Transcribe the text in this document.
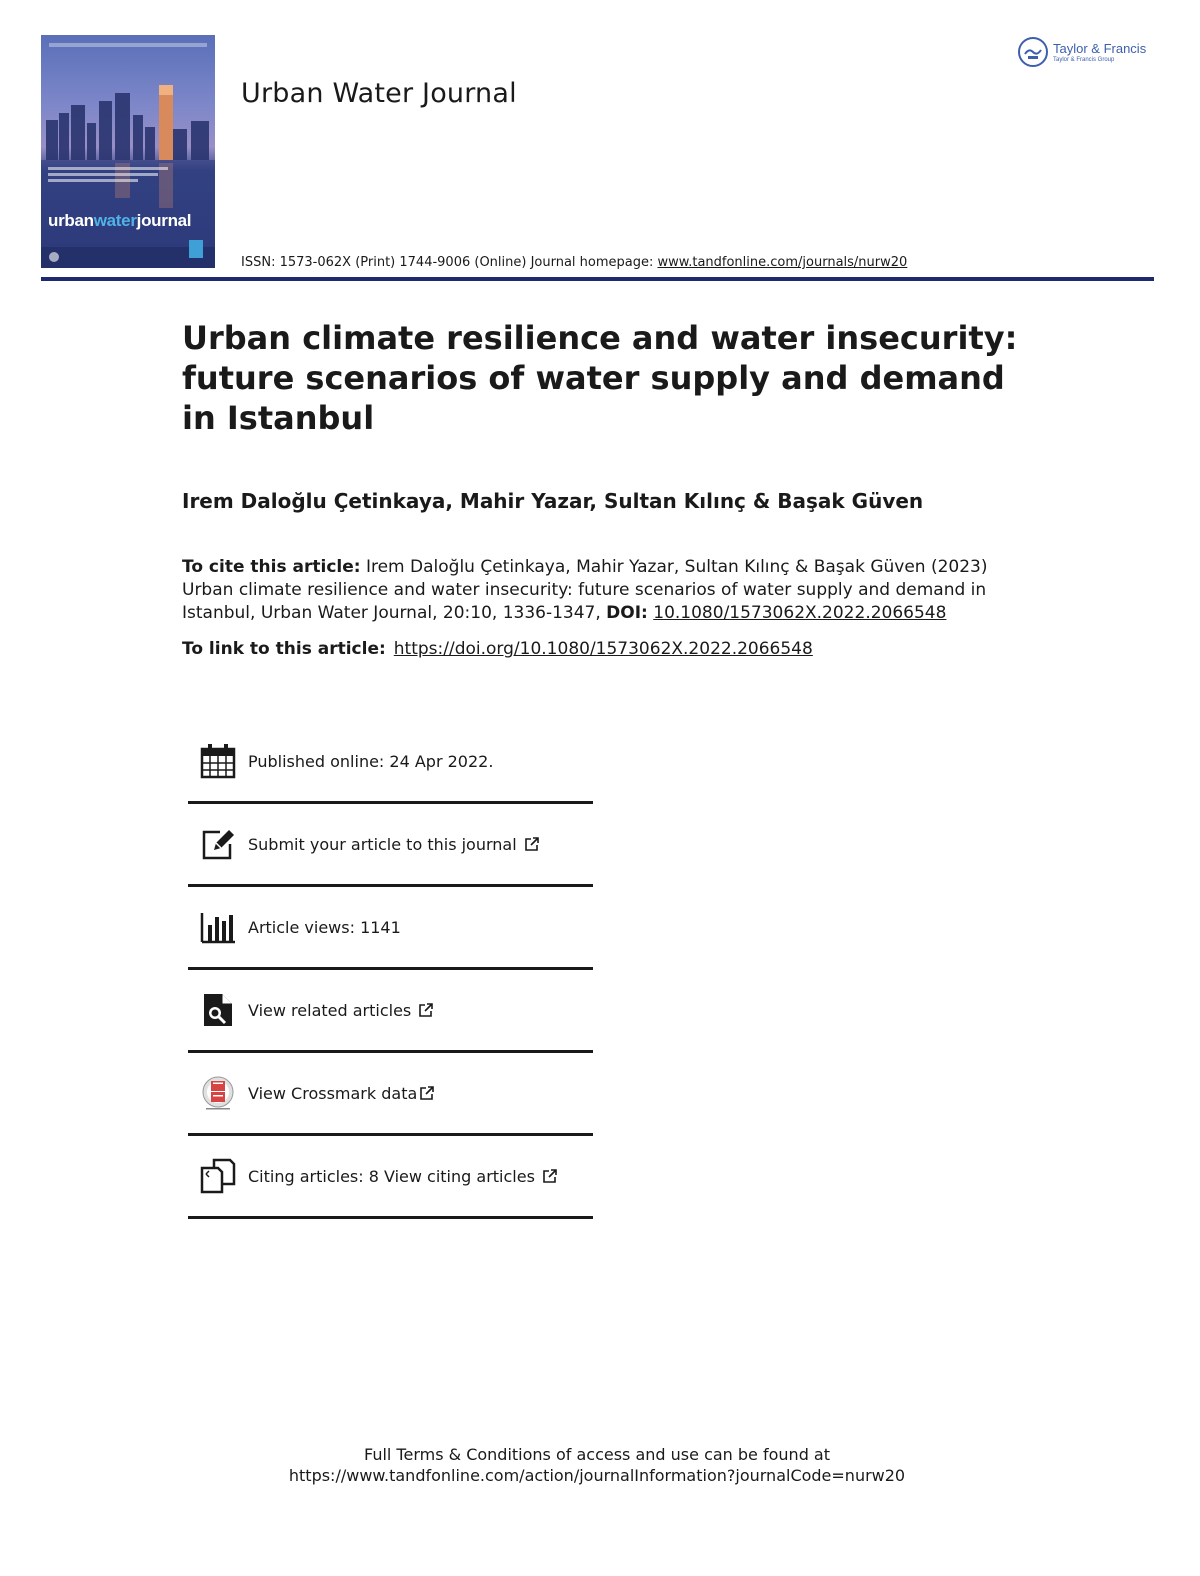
urbanwaterjournal
Urban Water Journal
Taylor & Francis
Taylor & Francis Group
ISSN: 1573-062X (Print) 1744-9006 (Online) Journal homepage: www.tandfonline.com/journals/nurw20
Urban climate resilience and water insecurity: future scenarios of water supply and demand in Istanbul
Irem Daloğlu Çetinkaya, Mahir Yazar, Sultan Kılınç & Başak Güven
To cite this article: Irem Daloğlu Çetinkaya, Mahir Yazar, Sultan Kılınç & Başak Güven (2023) Urban climate resilience and water insecurity: future scenarios of water supply and demand in Istanbul, Urban Water Journal, 20:10, 1336-1347, DOI: 10.1080/1573062X.2022.2066548
To link to this article: https://doi.org/10.1080/1573062X.2022.2066548
Published online: 24 Apr 2022.
Submit your article to this journal
Article views: 1141
View related articles
View Crossmark data
Citing articles: 8 View citing articles
Full Terms & Conditions of access and use can be found at
https://www.tandfonline.com/action/journalInformation?journalCode=nurw20
